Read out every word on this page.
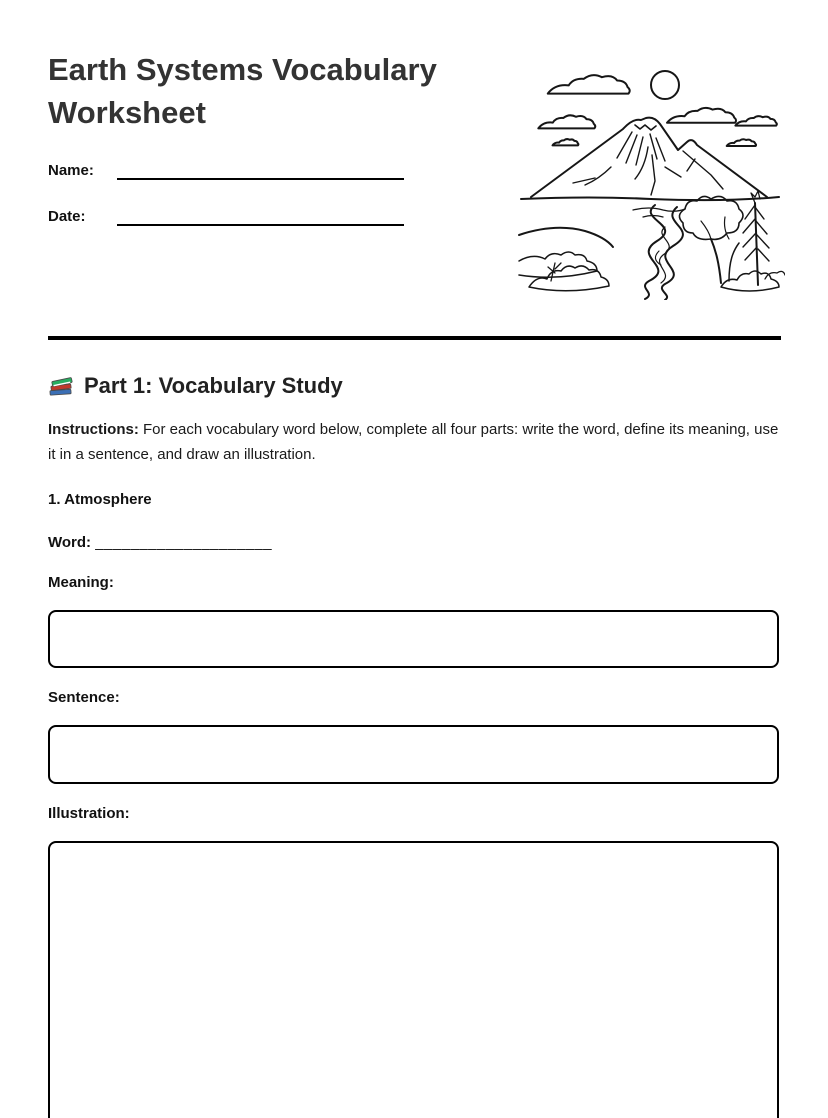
Earth Systems Vocabulary Worksheet
Name:
Date:
Part 1: Vocabulary Study

Instructions: For each vocabulary word below, complete all four parts: write the word, define its meaning, use it in a sentence, and draw an illustration.

1. Atmosphere
Word: ____________________
Meaning:
Sentence:
Illustration:
